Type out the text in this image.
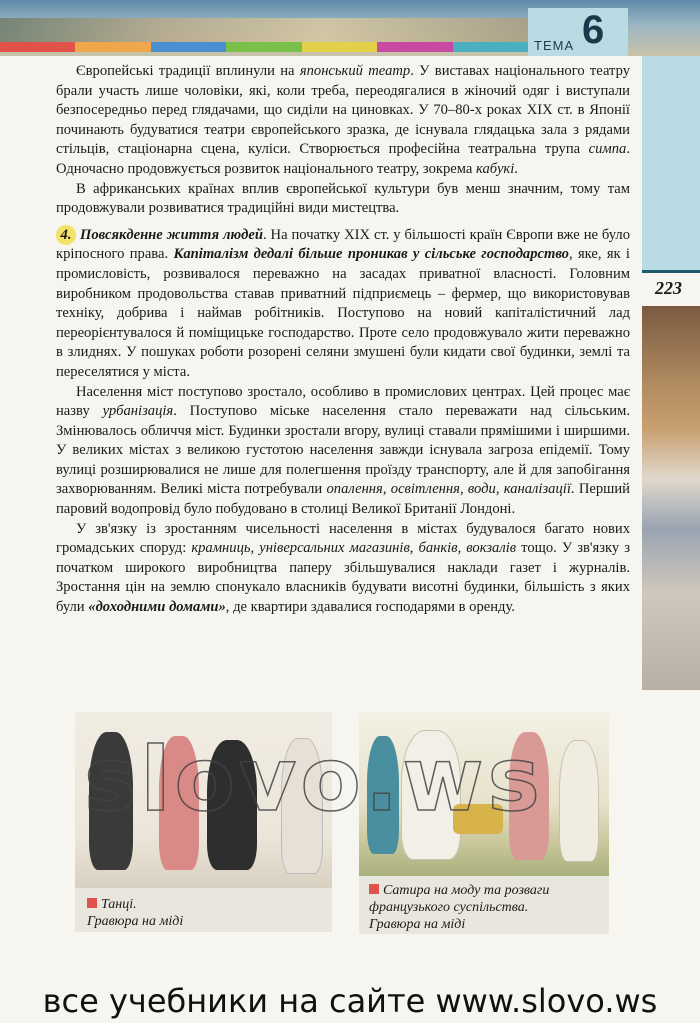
ТЕМА 6
223

Європейські традиції вплинули на японський театр. У виставах національного театру брали участь лише чоловіки, які, коли треба, переодягалися в жіночий одяг і виступали безпосередньо перед глядачами, що сиділи на циновках. У 70–80-х роках XIX ст. в Японії починають будуватися театри європейського зразка, де існувала глядацька зала з рядами стільців, стаціонарна сцена, куліси. Створюється професійна театральна трупа симпа. Одночасно продовжується розвиток національного театру, зокрема кабукі.

В африканських країнах вплив європейської культури був менш значним, тому там продовжували розвиватися традиційні види мистецтва.

4. Повсякденне життя людей. На початку XIX ст. у більшості країн Європи вже не було кріпосного права. Капіталізм дедалі більше проникав у сільське господарство, яке, як і промисловість, розвивалося переважно на засадах приватної власності. Головним виробником продовольства ставав приватний підприємець – фермер, що використовував техніку, добрива і наймав робітників. Поступово на новий капіталістичний лад переорієнтувалося й поміщицьке господарство. Проте село продовжувало жити переважно в злиднях. У пошуках роботи розорені селяни змушені були кидати свої будинки, землі та переселятися у міста.

Населення міст поступово зростало, особливо в промислових центрах. Цей процес має назву урбанізація. Поступово міське населення стало переважати над сільським. Змінювалось обличчя міст. Будинки зростали вгору, вулиці ставали прямішими і ширшими. У великих містах з великою густотою населення завжди існувала загроза епідемії. Тому вулиці розширювалися не лише для полегшення проїзду транспорту, але й для запобігання захворюванням. Великі міста потребували опалення, освітлення, води, каналізації. Перший паровий водопровід було побудовано в столиці Великої Британії Лондоні.

У зв'язку із зростанням чисельності населення в містах будувалося багато нових громадських споруд: крамниць, універсальних магазинів, банків, вокзалів тощо. У зв'язку з початком широкого виробництва паперу збільшувалися наклади газет і журналів. Зростання цін на землю спонукало власників будувати висотні будинки, більшість з яких були «доходними домами», де квартири здавалися господарями в оренду.

Танці.
Гравюра на міді
Сатира на моду та розваги французького суспільства.
Гравюра на міді
slovo.ws
все учебники на сайте www.slovo.ws
